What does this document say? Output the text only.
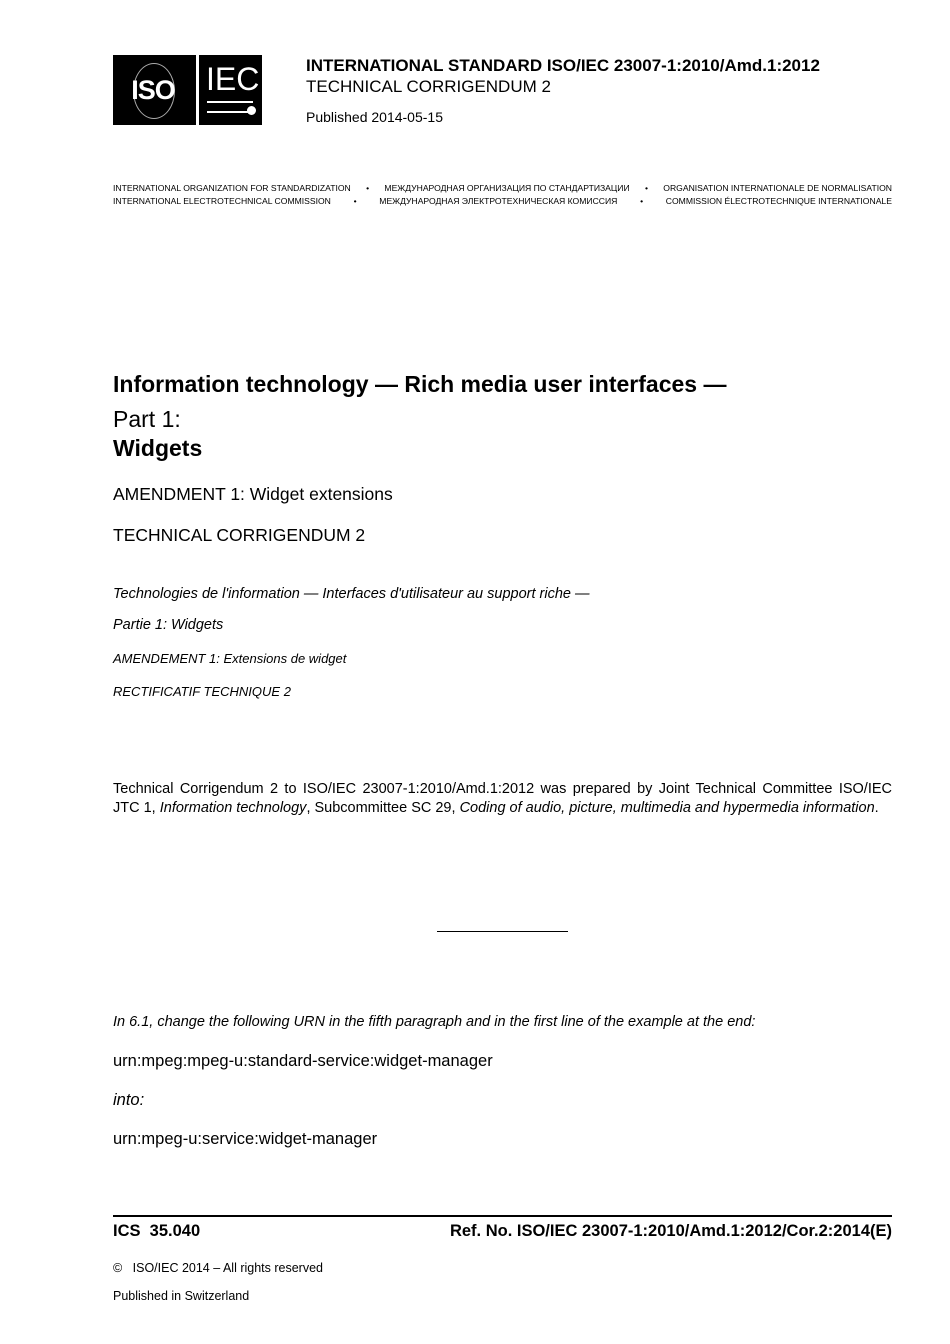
ISO IEC	INTERNATIONAL STANDARD ISO/IEC 23007-1:2010/Amd.1:2012
TECHNICAL CORRIGENDUM 2
Published 2014-05-15
INTERNATIONAL ORGANIZATION FOR STANDARDIZATION • МЕЖДУНАРОДНАЯ ОРГАНИЗАЦИЯ ПО СТАНДАРТИЗАЦИИ • ORGANISATION INTERNATIONALE DE NORMALISATION
INTERNATIONAL ELECTROTECHNICAL COMMISSION	•	МЕЖДУНАРОДНАЯ ЭЛЕКТРОТЕХНИЧЕСКАЯ КОМИССИЯ	•	COMMISSION ÉLECTROTECHNIQUE INTERNATIONALE
Information technology — Rich media user interfaces —
Part 1:
Widgets
AMENDMENT 1: Widget extensions
TECHNICAL CORRIGENDUM 2
Technologies de l'information — Interfaces d'utilisateur au support riche —
Partie 1: Widgets
AMENDEMENT 1: Extensions de widget
RECTIFICATIF TECHNIQUE 2

Technical Corrigendum 2 to ISO/IEC 23007-1:2010/Amd.1:2012 was prepared by Joint Technical Committee ISO/IEC JTC 1, Information technology, Subcommittee SC 29, Coding of audio, picture, multimedia and hypermedia information.

In 6.1, change the following URN in the fifth paragraph and in the first line of the example at the end:
urn:mpeg:mpeg-u:standard-service:widget-manager
into:
urn:mpeg-u:service:widget-manager
ICS  35.040	Ref. No. ISO/IEC 23007-1:2010/Amd.1:2012/Cor.2:2014(E)
©   ISO/IEC 2014 – All rights reserved
Published in Switzerland
